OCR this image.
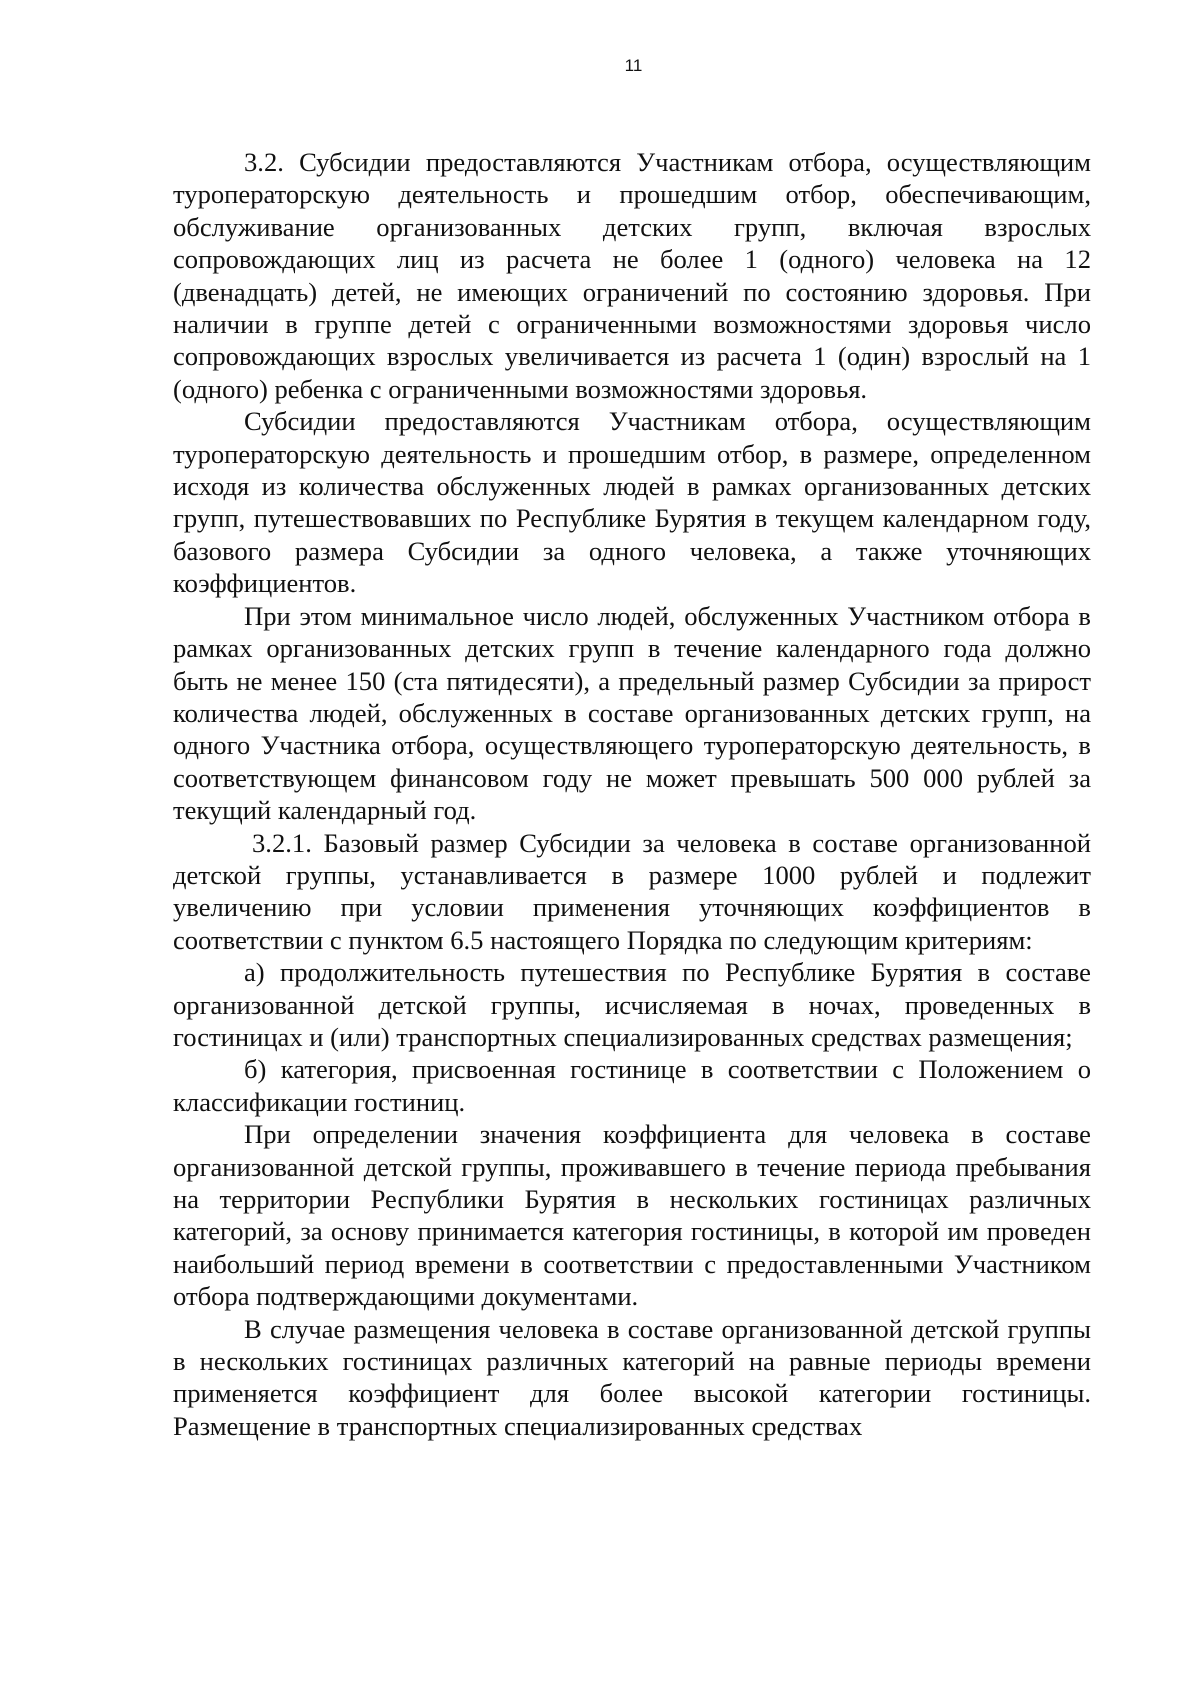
11

3.2. Субсидии предоставляются Участникам отбора, осуществляющим туроператорскую деятельность и прошедшим отбор, обеспечивающим, обслуживание организованных детских групп, включая взрослых сопровождающих лиц из расчета не более 1 (одного) человека на 12 (двенадцать) детей, не имеющих ограничений по состоянию здоровья. При наличии в группе детей с ограниченными возможностями здоровья число сопровождающих взрослых увеличивается из расчета 1 (один) взрослый на 1 (одного) ребенка с ограниченными возможностями здоровья.

Субсидии предоставляются Участникам отбора, осуществляющим туроператорскую деятельность и прошедшим отбор, в размере, определенном исходя из количества обслуженных людей в рамках организованных детских групп, путешествовавших по Республике Бурятия в текущем календарном году, базового размера Субсидии за одного человека, а также уточняющих коэффициентов.

При этом минимальное число людей, обслуженных Участником отбора в рамках организованных детских групп в течение календарного года должно быть не менее 150 (ста пятидесяти), а предельный размер Субсидии за прирост количества людей, обслуженных в составе организованных детских групп, на одного Участника отбора, осуществляющего туроператорскую деятельность, в соответствующем финансовом году не может превышать 500 000 рублей за текущий календарный год.

3.2.1. Базовый размер Субсидии за человека в составе организованной детской группы, устанавливается в размере 1000 рублей и подлежит увеличению при условии применения уточняющих коэффициентов в соответствии с пунктом 6.5 настоящего Порядка по следующим критериям:

а) продолжительность путешествия по Республике Бурятия в составе организованной детской группы, исчисляемая в ночах, проведенных в гостиницах и (или) транспортных специализированных средствах размещения;

б) категория, присвоенная гостинице в соответствии с Положением о классификации гостиниц.

При определении значения коэффициента для человека в составе организованной детской группы, проживавшего в течение периода пребывания на территории Республики Бурятия в нескольких гостиницах различных категорий, за основу принимается категория гостиницы, в которой им проведен наибольший период времени в соответствии с предоставленными Участником отбора подтверждающими документами.

В случае размещения человека в составе организованной детской группы в нескольких гостиницах различных категорий на равные периоды времени применяется коэффициент для более высокой категории гостиницы. Размещение в транспортных специализированных средствах
